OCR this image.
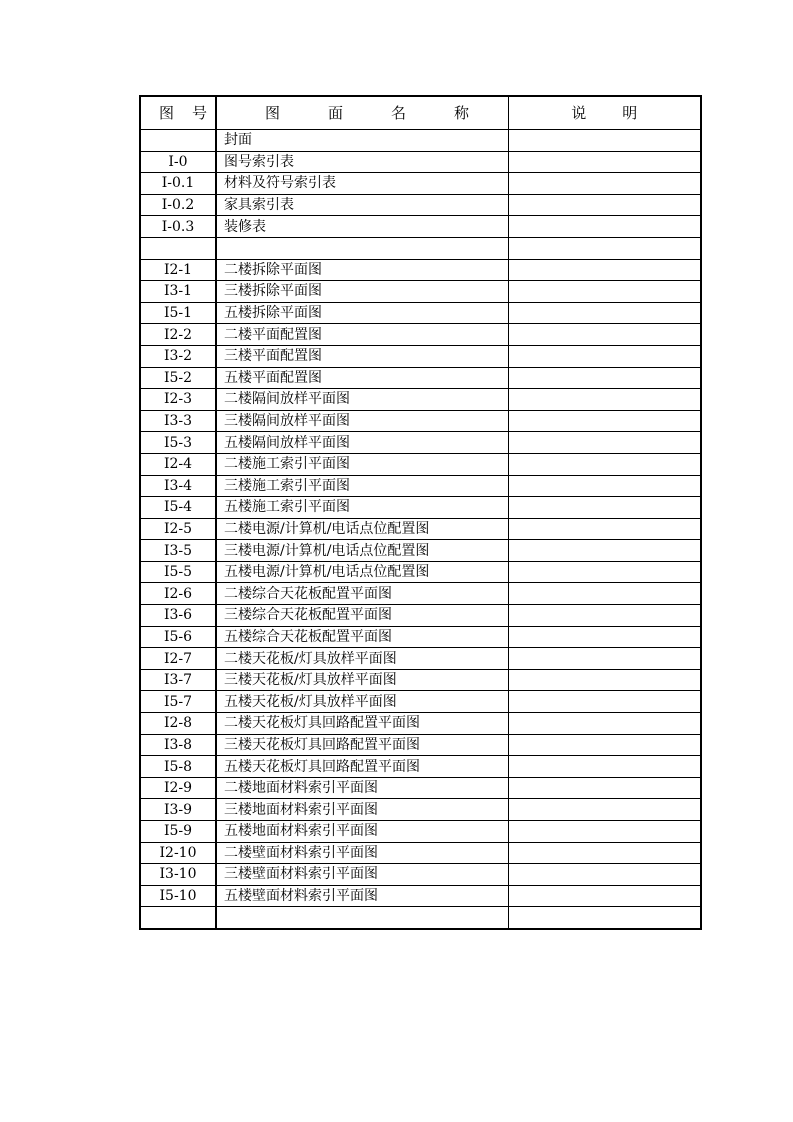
图号	图面名称	说明
	封面	
I-0	图号索引表	
I-0.1	材料及符号索引表	
I-0.2	家具索引表	
I-0.3	装修表	

I2-1	二楼拆除平面图	
I3-1	三楼拆除平面图	
I5-1	五楼拆除平面图	
I2-2	二楼平面配置图	
I3-2	三楼平面配置图	
I5-2	五楼平面配置图	
I2-3	二楼隔间放样平面图	
I3-3	三楼隔间放样平面图	
I5-3	五楼隔间放样平面图	
I2-4	二楼施工索引平面图	
I3-4	三楼施工索引平面图	
I5-4	五楼施工索引平面图	
I2-5	二楼电源/计算机/电话点位配置图	
I3-5	三楼电源/计算机/电话点位配置图	
I5-5	五楼电源/计算机/电话点位配置图	
I2-6	二楼综合天花板配置平面图	
I3-6	三楼综合天花板配置平面图	
I5-6	五楼综合天花板配置平面图	
I2-7	二楼天花板/灯具放样平面图	
I3-7	三楼天花板/灯具放样平面图	
I5-7	五楼天花板/灯具放样平面图	
I2-8	二楼天花板灯具回路配置平面图	
I3-8	三楼天花板灯具回路配置平面图	
I5-8	五楼天花板灯具回路配置平面图	
I2-9	二楼地面材料索引平面图	
I3-9	三楼地面材料索引平面图	
I5-9	五楼地面材料索引平面图	
I2-10	二楼壁面材料索引平面图	
I3-10	三楼壁面材料索引平面图	
I5-10	五楼壁面材料索引平面图	
